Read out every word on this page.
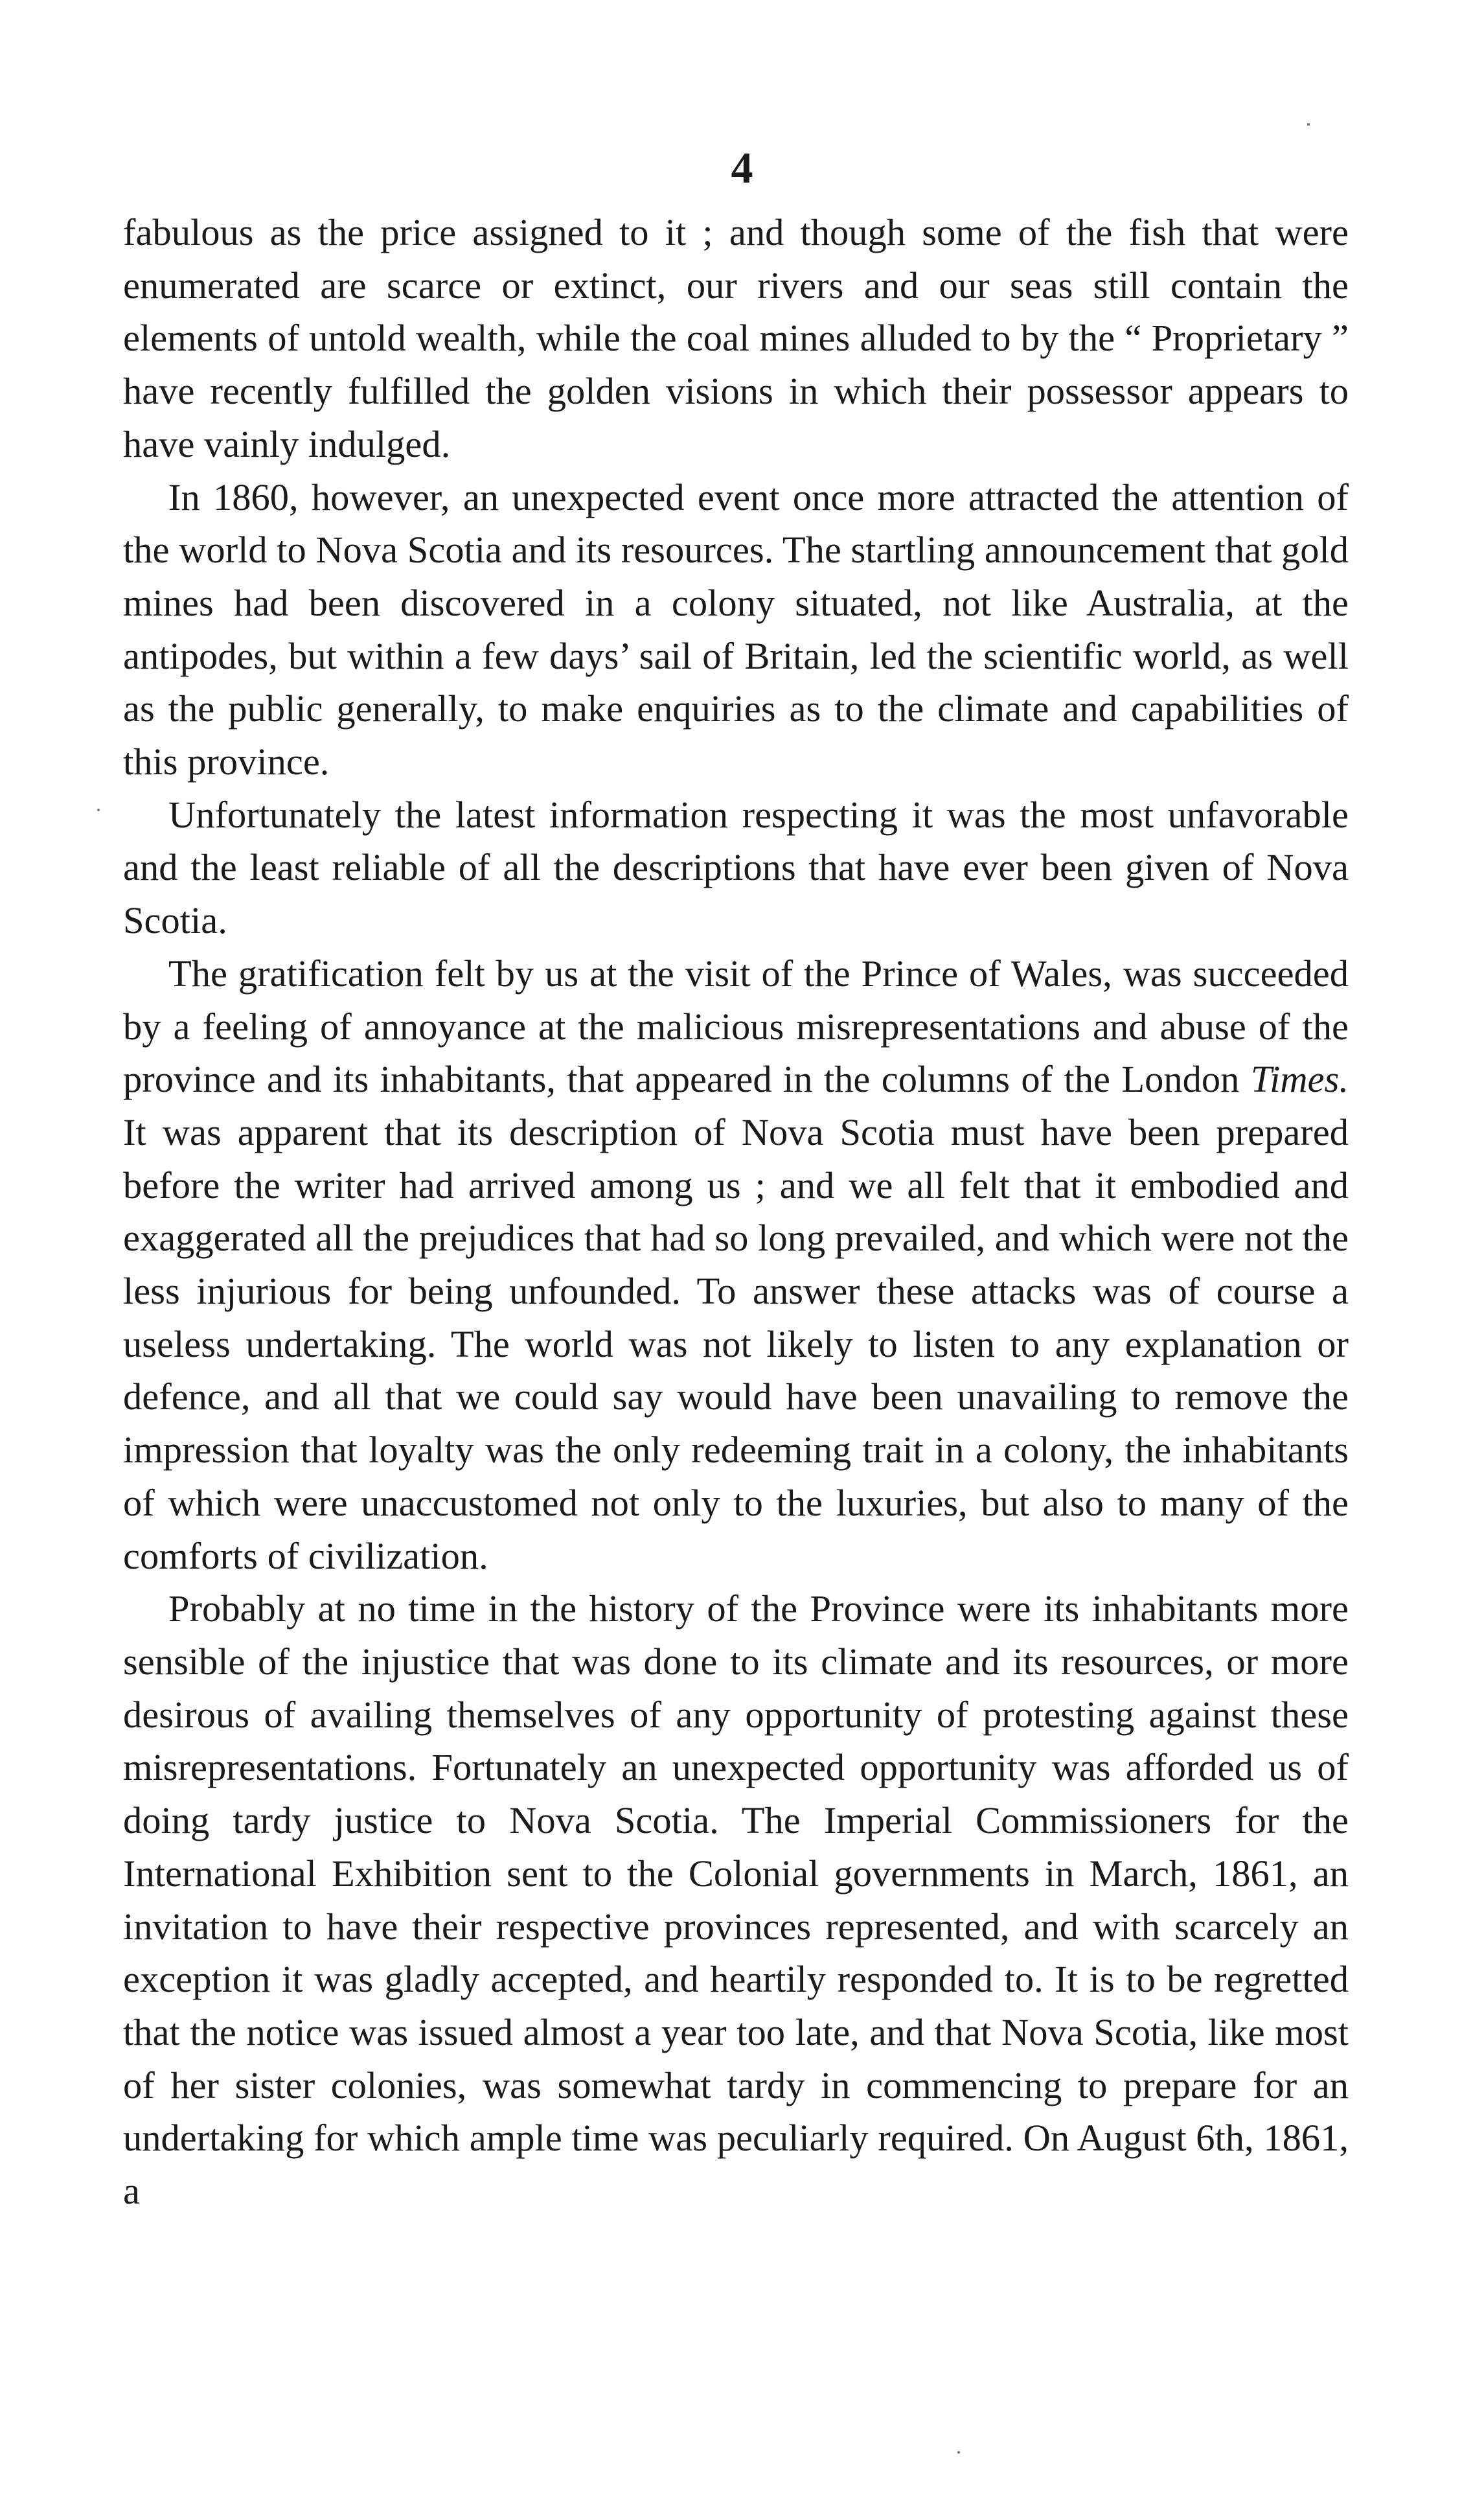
4

fabulous as the price assigned to it ; and though some of the fish that were enumerated are scarce or extinct, our rivers and our seas still contain the elements of untold wealth, while the coal mines alluded to by the “ Proprietary ” have recently fulfilled the golden visions in which their possessor appears to have vainly indulged.

In 1860, however, an unexpected event once more attracted the attention of the world to Nova Scotia and its resources. The startling announcement that gold mines had been discovered in a colony situated, not like Australia, at the antipodes, but within a few days’ sail of Britain, led the scientific world, as well as the public generally, to make enquiries as to the climate and capabilities of this province.

Unfortunately the latest information respecting it was the most unfavorable and the least reliable of all the descriptions that have ever been given of Nova Scotia.

The gratification felt by us at the visit of the Prince of Wales, was succeeded by a feeling of annoyance at the malicious misrepresentations and abuse of the province and its inhabitants, that appeared in the columns of the London Times. It was apparent that its description of Nova Scotia must have been prepared before the writer had arrived among us ; and we all felt that it embodied and exaggerated all the prejudices that had so long prevailed, and which were not the less injurious for being unfounded. To answer these attacks was of course a useless undertaking. The world was not likely to listen to any explanation or defence, and all that we could say would have been unavailing to remove the impression that loyalty was the only redeeming trait in a colony, the inhabitants of which were unaccustomed not only to the luxuries, but also to many of the comforts of civilization.

Probably at no time in the history of the Province were its inhabitants more sensible of the injustice that was done to its climate and its resources, or more desirous of availing themselves of any opportunity of protesting against these misrepresentations. Fortunately an unexpected opportunity was afforded us of doing tardy justice to Nova Scotia. The Imperial Commissioners for the International Exhibition sent to the Colonial governments in March, 1861, an invitation to have their respective provinces represented, and with scarcely an exception it was gladly accepted, and heartily responded to. It is to be regretted that the notice was issued almost a year too late, and that Nova Scotia, like most of her sister colonies, was somewhat tardy in commencing to prepare for an undertaking for which ample time was peculiarly required. On August 6th, 1861, a
